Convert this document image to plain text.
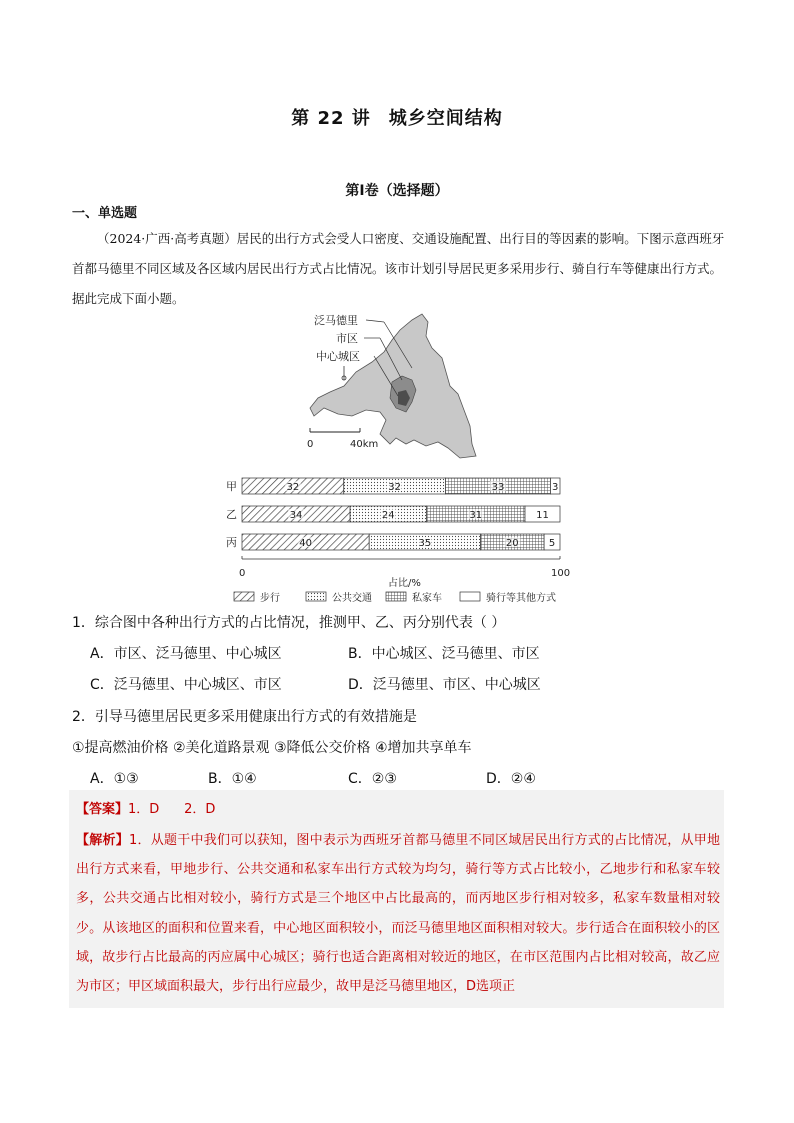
第 22 讲 城乡空间结构
第I卷（选择题）
一、单选题
（2024·广西·高考真题）居民的出行方式会受人口密度、交通设施配置、出行目的等因素的影响。下图示意西班牙首都马德里不同区域及各区域内居民出行方式占比情况。该市计划引导居民更多采用步行、骑自行车等健康出行方式。据此完成下面小题。
泛马德里
市区
中心城区
0	40km
甲	32	32	33	3
乙	34	24	31	11
丙	40	35	20	5
0	100
占比/%
步行	公共交通	私家车	骑行等其他方式
1．综合图中各种出行方式的占比情况，推测甲、乙、丙分别代表（ ）
A．市区、泛马德里、中心城区	B．中心城区、泛马德里、市区
C．泛马德里、中心城区、市区	D．泛马德里、市区、中心城区
2．引导马德里居民更多采用健康出行方式的有效措施是
①提高燃油价格 ②美化道路景观 ③降低公交价格 ④增加共享单车
A．①③	B．①④	C．②③	D．②④
【答案】1．D      2．D
【解析】1．从题干中我们可以获知，图中表示为西班牙首都马德里不同区域居民出行方式的占比情况，从甲地出行方式来看，甲地步行、公共交通和私家车出行方式较为均匀，骑行等方式占比较小，乙地步行和私家车较多，公共交通占比相对较小，骑行方式是三个地区中占比最高的，而丙地区步行相对较多，私家车数量相对较少。从该地区的面积和位置来看，中心地区面积较小，而泛马德里地区面积相对较大。步行适合在面积较小的区域，故步行占比最高的丙应属中心城区；骑行也适合距离相对较近的地区，在市区范围内占比相对较高，故乙应为市区；甲区域面积最大，步行出行应最少，故甲是泛马德里地区，D选项正
